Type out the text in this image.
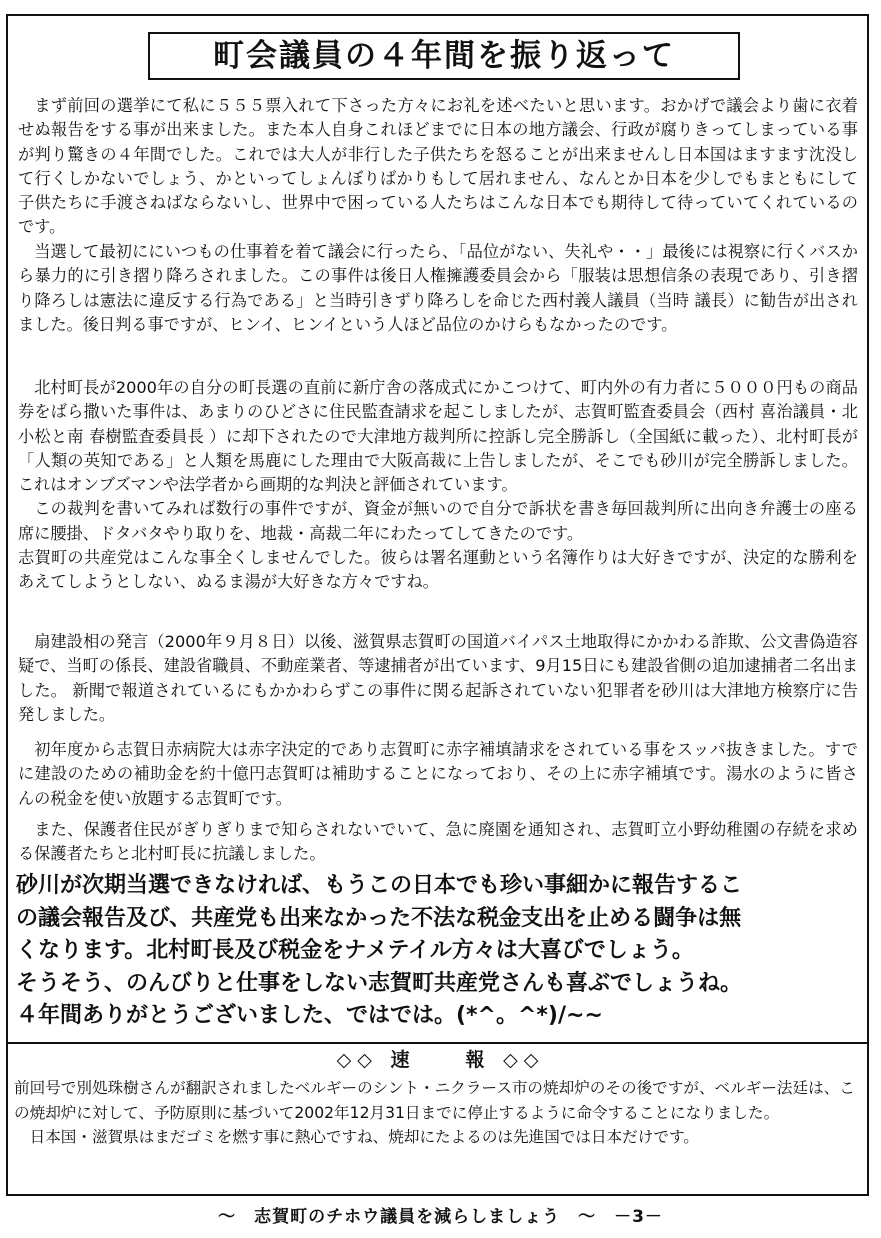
町会議員の４年間を振り返って

まず前回の選挙にて私に５５５票入れて下さった方々にお礼を述べたいと思います。おかげで議会より歯に衣着せぬ報告をする事が出来ました。また本人自身これほどまでに日本の地方議会、行政が腐りきってしまっている事が判り驚きの４年間でした。これでは大人が非行した子供たちを怒ることが出来ませんし日本国はますます沈没して行くしかないでしょう、かといってしょんぼりばかりもして居れません、なんとか日本を少しでもまともにして子供たちに手渡さねばならないし、世界中で困っている人たちはこんな日本でも期待して待っていてくれているのです。

当選して最初ににいつもの仕事着を着て議会に行ったら、「品位がない、失礼や・・」最後には視察に行くバスから暴力的に引き摺り降ろされました。この事件は後日人権擁護委員会から「服装は思想信条の表現であり、引き摺り降ろしは憲法に違反する行為である」と当時引きずり降ろしを命じた西村義人議員（当時 議長）に勧告が出されました。後日判る事ですが、ヒンイ、ヒンイという人ほど品位のかけらもなかったのです。

北村町長が2000年の自分の町長選の直前に新庁舎の落成式にかこつけて、町内外の有力者に５０００円もの商品券をばら撒いた事件は、あまりのひどさに住民監査請求を起こしましたが、志賀町監査委員会（西村 喜治議員・北小松と南 春樹監査委員長 ）に却下されたので大津地方裁判所に控訴し完全勝訴し（全国紙に載った）、北村町長が「人類の英知である」と人類を馬鹿にした理由で大阪高裁に上告しましたが、そこでも砂川が完全勝訴しました。これはオンブズマンや法学者から画期的な判決と評価されています。

この裁判を書いてみれば数行の事件ですが、資金が無いので自分で訴状を書き毎回裁判所に出向き弁護士の座る席に腰掛、ドタバタやり取りを、地裁・高裁二年にわたってしてきたのです。

志賀町の共産党はこんな事全くしませんでした。彼らは署名運動という名簿作りは大好きですが、決定的な勝利をあえてしようとしない、ぬるま湯が大好きな方々ですね。

扇建設相の発言（2000年９月８日）以後、滋賀県志賀町の国道バイパス土地取得にかかわる詐欺、公文書偽造容疑で、当町の係長、建設省職員、不動産業者、等逮捕者が出ています、9月15日にも建設省側の追加逮捕者二名出ました。 新聞で報道されているにもかかわらずこの事件に関る起訴されていない犯罪者を砂川は大津地方検察庁に告発しました。

初年度から志賀日赤病院大は赤字決定的であり志賀町に赤字補填請求をされている事をスッパ抜きました。すでに建設のための補助金を約十億円志賀町は補助することになっており、その上に赤字補填です。湯水のように皆さんの税金を使い放題する志賀町です。

また、保護者住民がぎりぎりまで知らされないでいて、急に廃園を通知され、志賀町立小野幼稚園の存続を求める保護者たちと北村町長に抗議しました。

砂川が次期当選できなければ、もうこの日本でも珍い事細かに報告するこ

の議会報告及び、共産党も出来なかった不法な税金支出を止める闘争は無

くなります。北村町長及び税金をナメテイル方々は大喜びでしょう。

そうそう、のんびりと仕事をしない志賀町共産党さんも喜ぶでしょうね。

４年間ありがとうございました、ではでは。(*^。^*)/~~

◇◇ 速　　報 ◇◇

前回号で別処珠樹さんが翻訳されましたベルギーのシント・ニクラース市の焼却炉のその後ですが、ベルギー法廷は、この焼却炉に対して、予防原則に基づいて2002年12月31日までに停止するように命令することになりました。

日本国・滋賀県はまだゴミを燃す事に熱心ですね、焼却にたよるのは先進国では日本だけです。

～　志賀町のチホウ議員を減らしましょう　～　－3－
